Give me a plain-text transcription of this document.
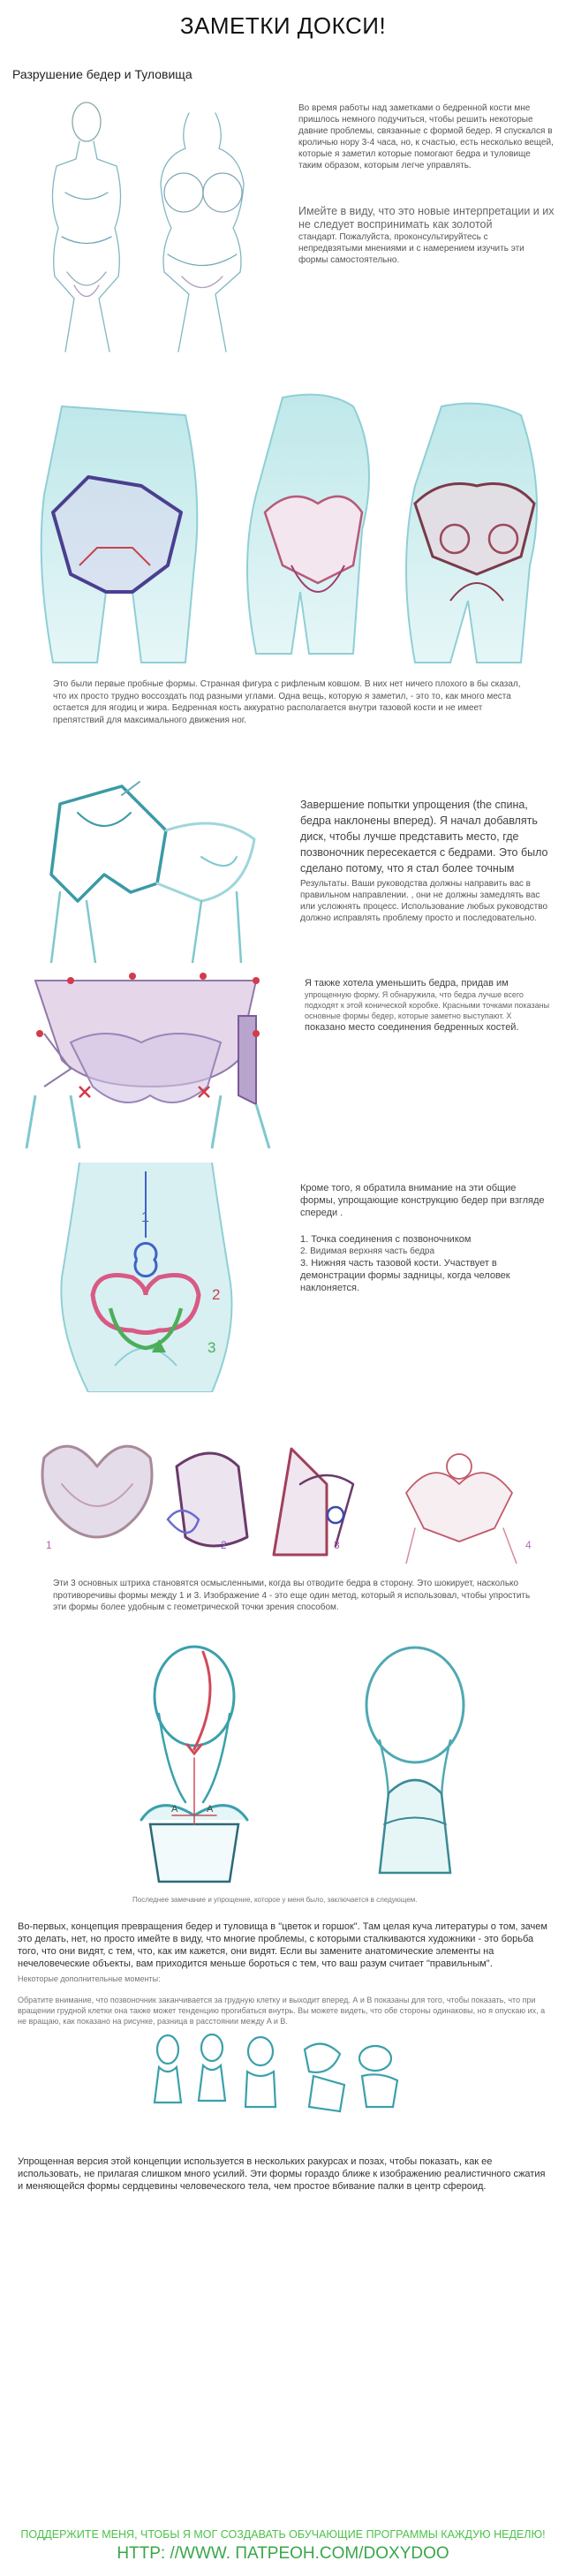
ЗАМЕТКИ ДОКСИ!
Разрушение бедер и Туловища
Во время работы над заметками о бедренной кости мне пришлось немного подучиться, чтобы решить некоторые давние проблемы, связанные с формой бедер. Я спускался в кроличью нору 3-4 часа, но, к счастью, есть несколько вещей, которые я заметил которые помогают бедра и туловище таким образом, которым легче управлять.
Имейте в виду, что это новые интерпретации и их не следует воспринимать как золотой
стандарт. Пожалуйста, проконсультируйтесь с непредвзятыми мнениями и с намерением изучить эти формы самостоятельно.
Это были первые пробные формы. Странная фигура с рифленым ковшом. В них нет ничего плохого в бы сказал, что их просто трудно воссоздать под разными углами. Одна вещь, которую я заметил, - это то, как много места остается для ягодиц и жира. Бедренная кость аккуратно располагается внутри тазовой кости и не имеет препятствий для максимального движения ног.
Завершение попытки упрощения (the спина, бедра наклонены вперед). Я начал добавлять диск, чтобы лучше представить место, где позвоночник пересекается с бедрами. Это было сделано потому, что я стал более точным
Результаты. Ваши руководства должны направить вас в правильном направлении. , они не должны замедлять вас или усложнять процесс. Использование любых руководство должно исправлять проблему просто и последовательно.
Я также хотела уменьшить бедра, придав им
упрощенную форму. Я обнаружила, что бедра лучше всего подходят к этой конической коробке. Красными точками показаны основные формы бедер, которые заметно выступают. X
показано место соединения бедренных костей.
1
2
3
Кроме того, я обратила внимание на эти общие формы, упрощающие конструкцию бедер при взгляде спереди .
1. Точка соединения с позвоночником
2. Видимая верхняя часть бедра
3. Нижняя часть тазовой кости. Участвует в демонстрации формы задницы, когда человек наклоняется.
1	2	3	4
Эти 3 основных штриха становятся осмысленными, когда вы отводите бедра в сторону. Это шокирует, насколько противоречивы формы между 1 и 3. Изображение 4 - это еще один метод, который я использовал, чтобы упростить эти формы более удобным с геометрической точки зрения способом.
A	A
Последнее замечание и упрощение, которое у меня было, заключается в следующем.
Во-первых, концепция превращения бедер и туловища в "цветок и горшок". Там целая куча литературы о том, зачем это делать, нет, но просто имейте в виду, что многие проблемы, с которыми сталкиваются художники - это борьба того, что они видят, с тем, что, как им кажется, они видят. Если вы замените анатомические элементы на нечеловеческие объекты, вам приходится меньше бороться с тем, что ваш разум считает "правильным".
Некоторые дополнительные моменты:
Обратите внимание, что позвоночник заканчивается за грудную клетку и выходит вперед. А и В показаны для того, чтобы показать, что при вращении грудной клетки она также может тенденцию прогибаться внутрь. Вы можете видеть, что обе стороны одинаковы, но я опускаю их, а не вращаю, как показано на рисунке, разница в расстоянии между A и B.
Упрощенная версия этой концепции используется в нескольких ракурсах и позах, чтобы показать, как ее использовать, не прилагая слишком много усилий. Эти формы гораздо ближе к изображению реалистичного сжатия и меняющейся формы сердцевины человеческого тела, чем простое вбивание палки в центр сфероид.
ПОДДЕРЖИТЕ МЕНЯ, ЧТОБЫ Я МОГ СОЗДАВАТЬ ОБУЧАЮЩИЕ ПРОГРАММЫ КАЖДУЮ НЕДЕЛЮ!
HTTP: //WWW. ПАТРЕОН.COM/DOXYDOO
